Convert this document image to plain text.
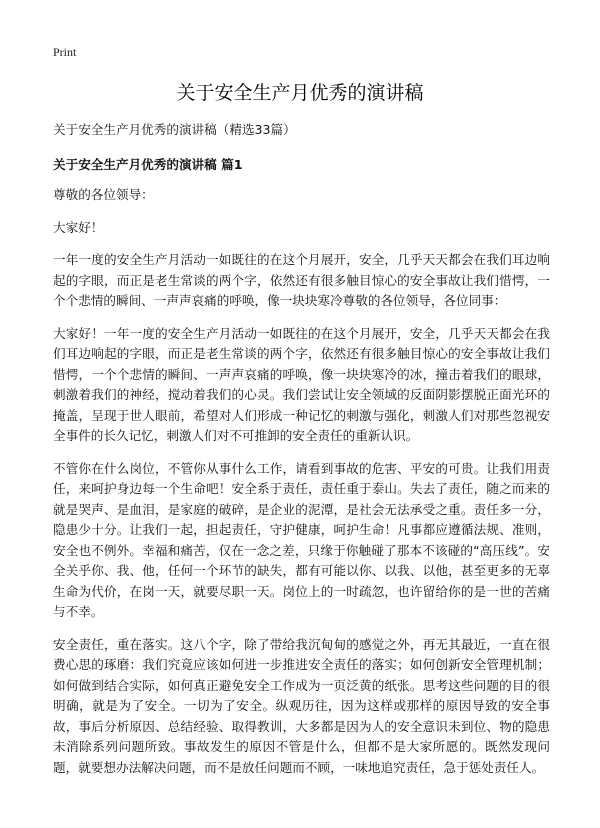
Print
关于安全生产月优秀的演讲稿

关于安全生产月优秀的演讲稿（精选33篇）

关于安全生产月优秀的演讲稿 篇1

尊敬的各位领导：

大家好！

一年一度的安全生产月活动一如既往的在这个月展开，安全，几乎天天都会在我们耳边响起的字眼，而正是老生常谈的两个字，依然还有很多触目惊心的安全事故让我们惜愕，一个个悲情的瞬间、一声声哀痛的呼唤，像一块块寒冷尊敬的各位领导，各位同事：

大家好！一年一度的安全生产月活动一如既往的在这个月展开，安全，几乎天天都会在我们耳边响起的字眼，而正是老生常谈的两个字，依然还有很多触目惊心的安全事故让我们惜愕，一个个悲情的瞬间、一声声哀痛的呼唤，像一块块寒冷的冰，撞击着我们的眼球，刺激着我们的神经，搅动着我们的心灵。我们尝试让安全领域的反面阴影摆脱正面光环的掩盖，呈现于世人眼前，希望对人们形成一种记忆的刺激与强化，刺激人们对那些忽视安全事件的长久记忆，刺激人们对不可推卸的安全责任的重新认识。

不管你在什么岗位，不管你从事什么工作，请看到事故的危害、平安的可贵。让我们用责任，来呵护身边每一个生命吧！安全系于责任，责任重于泰山。失去了责任，随之而来的就是哭声、是血泪，是家庭的破碎，是企业的泥潭，是社会无法承受之重。责任多一分，隐患少十分。让我们一起，担起责任，守护健康，呵护生命！凡事都应遵循法规、准则，安全也不例外。幸福和痛苦，仅在一念之差，只缘于你触碰了那本不该碰的“高压线”。安全关乎你、我、他，任何一个环节的缺失，都有可能以你、以我、以他，甚至更多的无辜生命为代价，在岗一天，就要尽职一天。岗位上的一时疏忽，也许留给你的是一世的苦痛与不幸。

安全责任，重在落实。这八个字，除了带给我沉甸甸的感觉之外，再无其最近，一直在很费心思的琢磨：我们究竟应该如何进一步推进安全责任的落实；如何创新安全管理机制；如何做到结合实际，如何真正避免安全工作成为一页泛黄的纸张。思考这些问题的目的很明确，就是为了安全。一切为了安全。纵观历往，因为这样或那样的原因导致的安全事故，事后分析原因、总结经验、取得教训，大多都是因为人的安全意识未到位、物的隐患未消除系列问题所致。事故发生的原因不管是什么，但都不是大家所愿的。既然发现问题，就要想办法解决问题，而不是放任问题而不顾，一味地追究责任，急于惩处责任人。
